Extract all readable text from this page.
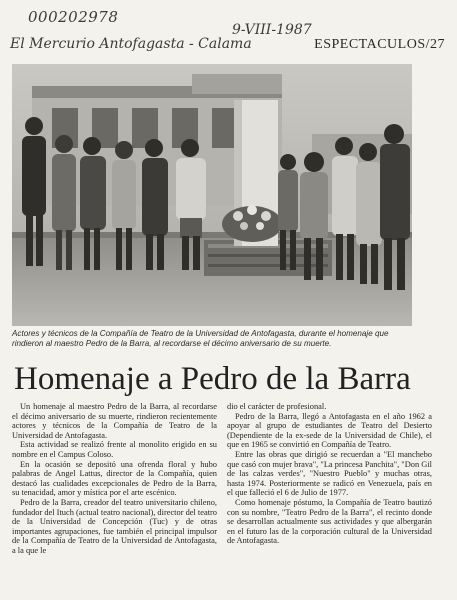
000202978
9-VIII-1987
El Mercurio Antofagasta - Calama	ESPECTACULOS/27

Actores y técnicos de la Compañía de Teatro de la Universidad de Antofagasta, durante el homenaje que rindieron al maestro Pedro de la Barra, al recordarse el décimo aniversario de su muerte.

Homenaje a Pedro de la Barra

Un homenaje al maestro Pedro de la Barra, al recordarse el décimo aniversario de su muerte, rindieron recientemente actores y técnicos de la Compañía de Teatro de la Universidad de Antofagasta.

Esta actividad se realizó frente al monolito erigido en su nombre en el Campus Coloso.

En la ocasión se depositó una ofrenda floral y hubo palabras de Angel Lattus, director de la Compañía, quien destacó las cualidades excepcionales de Pedro de la Barra, su tenacidad, amor y mística por el arte escénico.

Pedro de la Barra, creador del teatro universitario chileno, fundador del Ituch (actual teatro nacional), director del teatro de la Universidad de Concepción (Tuc) y de otras importantes agrupaciones, fue también el principal impulsor de la Compañía de Teatro de la Universidad de Antofagasta, a la que le

dio el carácter de profesional.

Pedro de la Barra, llegó a Antofagasta en el año 1962 a apoyar al grupo de estudiantes de Teatro del Desierto (Dependiente de la ex-sede de la Universidad de Chile), el que en 1965 se convirtió en Compañía de Teatro.

Entre las obras que dirigió se recuerdan a "El manchebo que casó con mujer brava", "La princesa Panchita", "Don Gil de las calzas verdes", "Nuestro Pueblo" y muchas otras, hasta 1974. Posteriormente se radicó en Venezuela, país en el que falleció el 6 de Julio de 1977.

Como homenaje póstumo, la Compañía de Teatro bautizó con su nombre, "Teatro Pedro de la Barra", el recinto donde se desarrollan actualmente sus actividades y que albergarán en el futuro las de la corporación cultural de la Universidad de Antofagasta.
